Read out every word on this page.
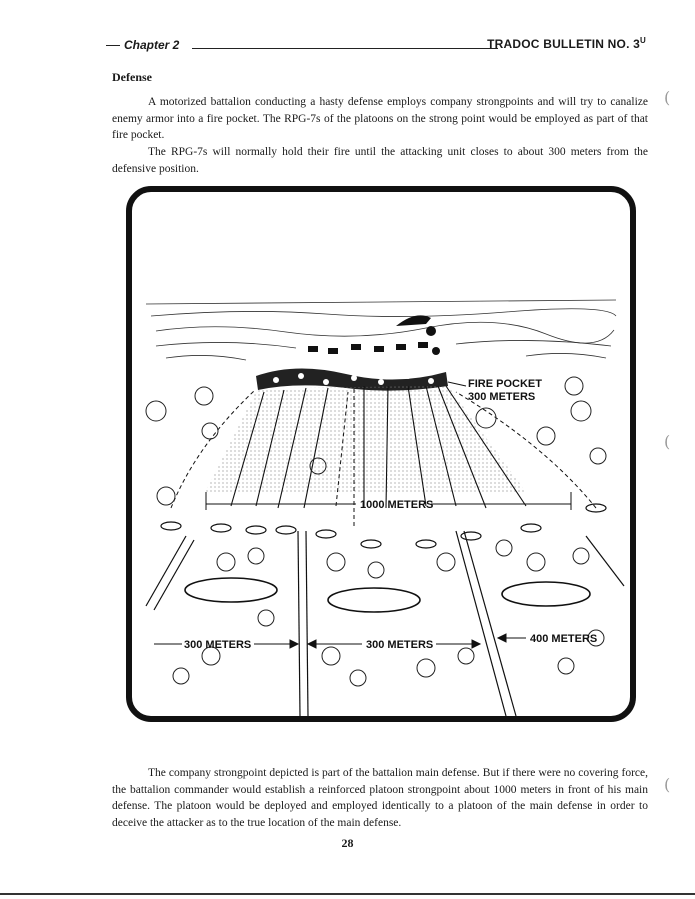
Chapter 2	TRADOC BULLETIN NO. $3^U$
Defense
A motorized battalion conducting a hasty defense employs company strongpoints and will try to canalize enemy armor into a fire pocket. The RPG-7s of the platoons on the strong point would be employed as part of that fire pocket.
The RPG-7s will normally hold their fire until the attacking unit closes to about 300 meters from the defensive position.
1000 METERS
300 METERS	300 METERS	400 METERS
FIRE POCKET
300 METERS
The company strongpoint depicted is part of the battalion main defense. But if there were no covering force, the battalion commander would establish a reinforced platoon strongpoint about 1000 meters in front of his main defense. The platoon would be deployed and employed identically to a platoon of the main defense in order to deceive the attacker as to the true location of the main defense.
28
(
(
(
